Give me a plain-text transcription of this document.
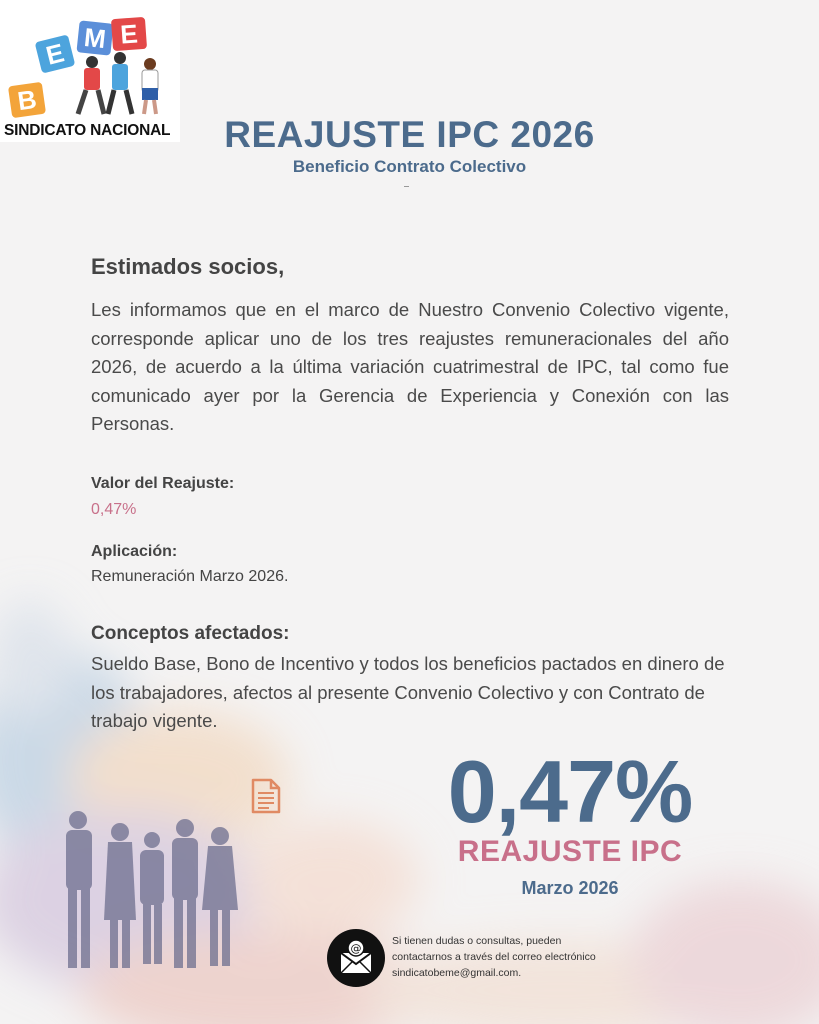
B
E M E
SINDICATO NACIONAL	REAJUSTE IPC 2026
Beneficio Contrato Colectivo
Estimados socios,
Les informamos que en el marco de Nuestro Convenio Colectivo vigente, corresponde aplicar uno de los tres reajustes remuneracionales del año 2026, de acuerdo a la última variación cuatrimestral de IPC, tal como fue comunicado ayer por la Gerencia de Experiencia y Conexión con las Personas.
Valor del Reajuste:
0,47%
Aplicación:
Remuneración Marzo 2026.
Conceptos afectados:
Sueldo Base, Bono de Incentivo y todos los beneficios pactados en dinero de los trabajadores, afectos al presente Convenio Colectivo y con Contrato de trabajo vigente.
0,47%
REAJUSTE IPC
Marzo 2026
@
Si tienen dudas o consultas, pueden contactarnos a través del correo electrónico sindicatobeme@gmail.com.
